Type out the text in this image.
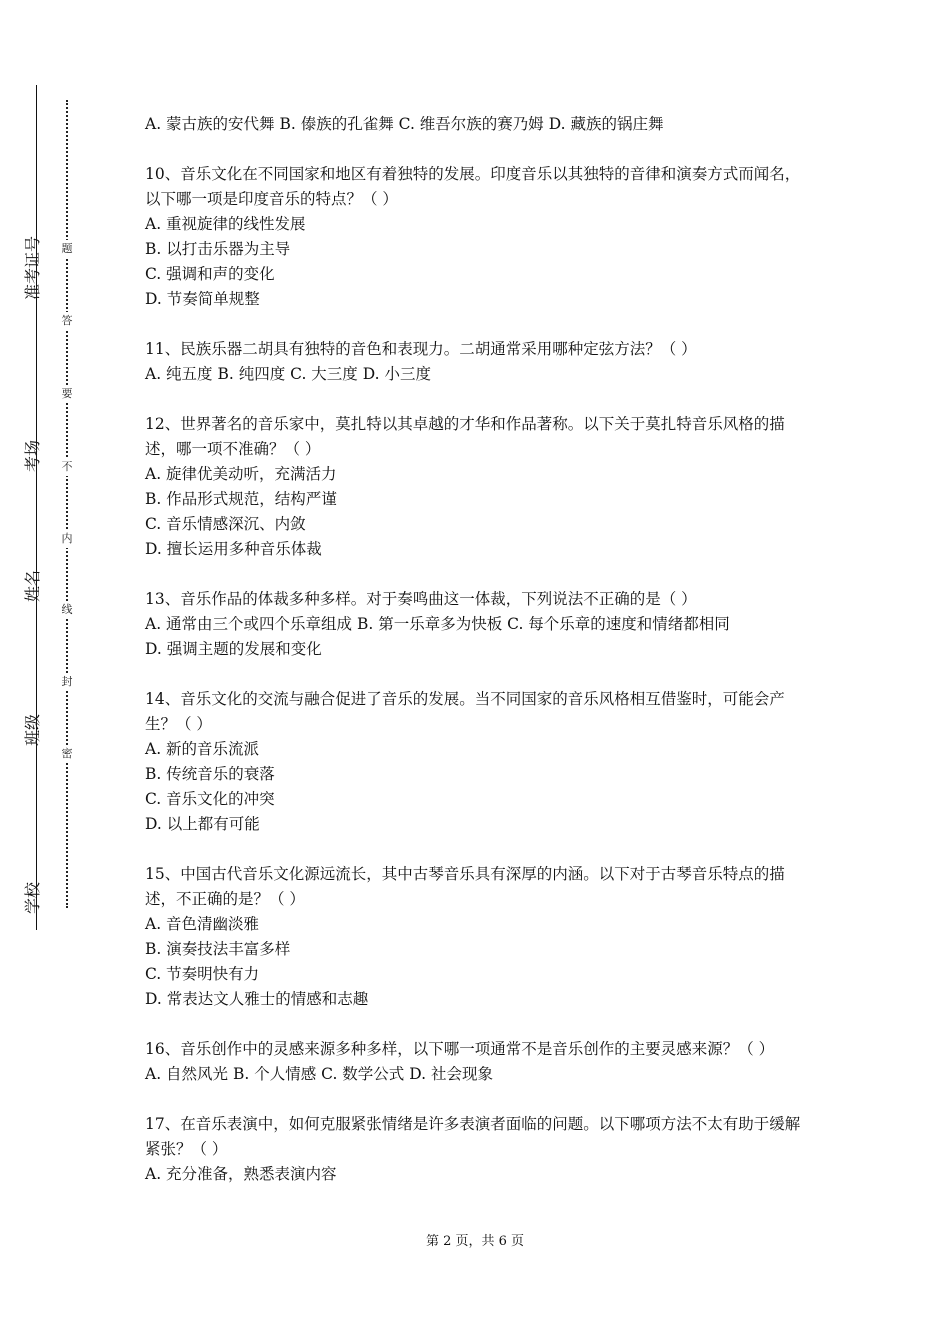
准考证号
考场
姓名
班级
学校
题
答
要
不
内
线
封
密

A. 蒙古族的安代舞 B. 傣族的孔雀舞 C. 维吾尔族的赛乃姆 D. 藏族的锅庄舞

10、音乐文化在不同国家和地区有着独特的发展。印度音乐以其独特的音律和演奏方式而闻名，以下哪一项是印度音乐的特点？（ ）

A. 重视旋律的线性发展

B. 以打击乐器为主导

C. 强调和声的变化

D. 节奏简单规整

11、民族乐器二胡具有独特的音色和表现力。二胡通常采用哪种定弦方法？（ ）

A. 纯五度 B. 纯四度 C. 大三度 D. 小三度

12、世界著名的音乐家中，莫扎特以其卓越的才华和作品著称。以下关于莫扎特音乐风格的描述，哪一项不准确？（ ）

A. 旋律优美动听，充满活力

B. 作品形式规范，结构严谨

C. 音乐情感深沉、内敛

D. 擅长运用多种音乐体裁

13、音乐作品的体裁多种多样。对于奏鸣曲这一体裁，下列说法不正确的是（ ）

A. 通常由三个或四个乐章组成 B. 第一乐章多为快板 C. 每个乐章的速度和情绪都相同

D. 强调主题的发展和变化

14、音乐文化的交流与融合促进了音乐的发展。当不同国家的音乐风格相互借鉴时，可能会产生？（ ）

A. 新的音乐流派

B. 传统音乐的衰落

C. 音乐文化的冲突

D. 以上都有可能

15、中国古代音乐文化源远流长，其中古琴音乐具有深厚的内涵。以下对于古琴音乐特点的描述，不正确的是？（ ）

A. 音色清幽淡雅

B. 演奏技法丰富多样

C. 节奏明快有力

D. 常表达文人雅士的情感和志趣

16、音乐创作中的灵感来源多种多样，以下哪一项通常不是音乐创作的主要灵感来源？（ ）

A. 自然风光 B. 个人情感 C. 数学公式 D. 社会现象

17、在音乐表演中，如何克服紧张情绪是许多表演者面临的问题。以下哪项方法不太有助于缓解紧张？（ ）

A. 充分准备，熟悉表演内容

第 2 页，共 6 页
